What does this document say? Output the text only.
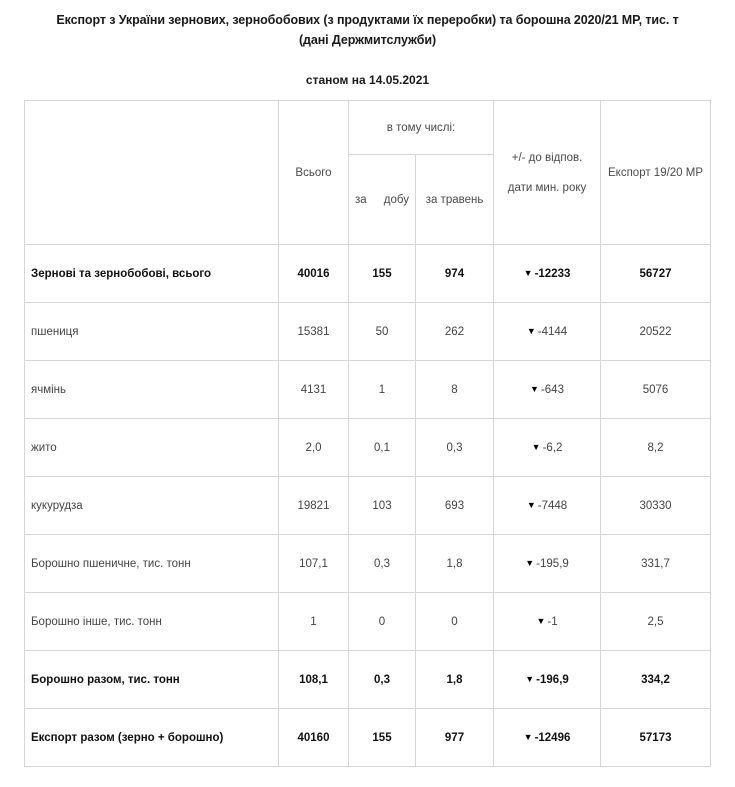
Експорт з України зернових, зернобобових (з продуктами їх переробки) та борошна 2020/21 МР, тис. т
(дані Держмитслужби)
станом на 14.05.2021
	Всього	в тому числі:		+/- до відпов. дати мин. року	Експорт 19/20 МР
		за добу	за травень		
Зернові та зернобобові, всього	40016	155	974	▼ -12233	56727
пшениця	15381	50	262	▼ -4144	20522
ячмінь	4131	1	8	▼ -643	5076
жито	2,0	0,1	0,3	▼ -6,2	8,2
кукурудза	19821	103	693	▼ -7448	30330
Борошно пшеничне, тис. тонн	107,1	0,3	1,8	▼ -195,9	331,7
Борошно інше, тис. тонн	1	0	0	▼ -1	2,5
Борошно разом, тис. тонн	108,1	0,3	1,8	▼ -196,9	334,2
Експорт разом (зерно + борошно)	40160	155	977	▼ -12496	57173
